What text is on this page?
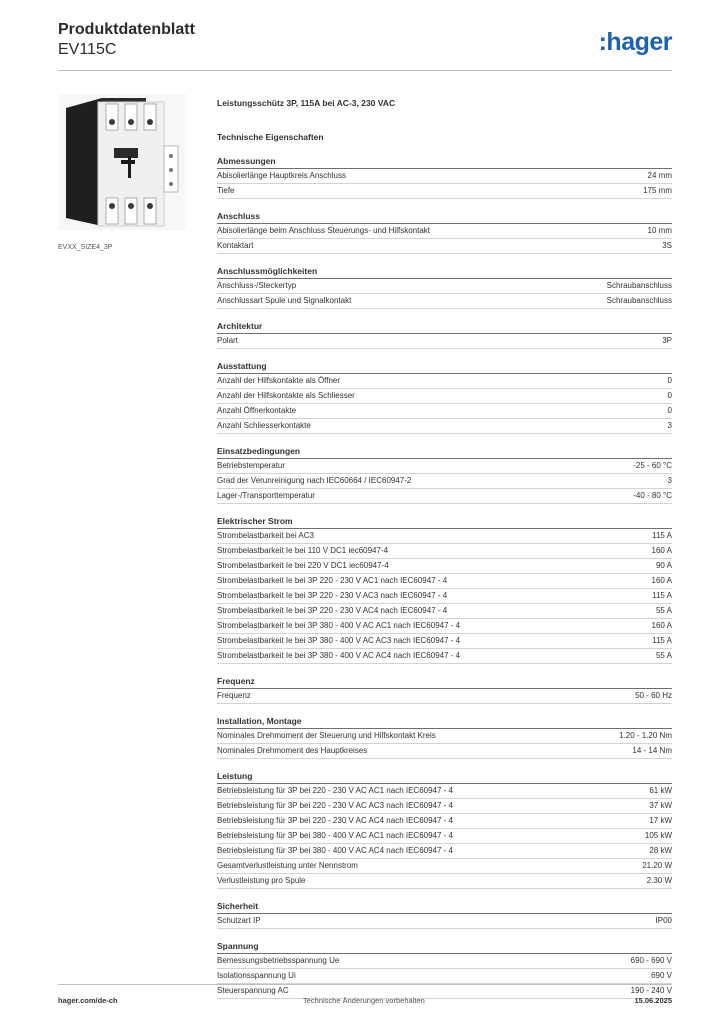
Produktdatenblatt
EV115C	:hager
EVXX_SIZE4_3P
Leistungsschütz 3P, 115A bei AC-3, 230 VAC
Technische Eigenschaften
Abmessungen
Abisolierlänge Hauptkreis Anschluss	24 mm
Tiefe	175 mm
Anschluss
Abisolierlänge beim Anschluss Steuerungs- und Hilfskontakt	10 mm
Kontaktart	3S
Anschlussmöglichkeiten
Anschluss-/Steckertyp	Schraubanschluss
Anschlussart Spule und Signalkontakt	Schraubanschluss
Architektur
Polart	3P
Ausstattung
Anzahl der Hilfskontakte als Öffner	0
Anzahl der Hilfskontakte als Schliesser	0
Anzahl Öffnerkontakte	0
Anzahl Schliesserkontakte	3
Einsatzbedingungen
Betriebstemperatur	-25 - 60 °C
Grad der Verunreinigung nach IEC60664 / IEC60947-2	3
Lager-/Transporttemperatur	-40 - 80 °C
Elektrischer Strom
Strombelastbarkeit bei AC3	115 A
Strombelastbarkeit Ie bei 110 V DC1 iec60947-4	160 A
Strombelastbarkeit Ie bei 220 V DC1 iec60947-4	90 A
Strombelastbarkeit Ie bei 3P 220 - 230 V AC1 nach IEC60947 - 4	160 A
Strombelastbarkeit Ie bei 3P 220 - 230 V AC3 nach IEC60947 - 4	115 A
Strombelastbarkeit Ie bei 3P 220 - 230 V AC4 nach IEC60947 - 4	55 A
Strombelastbarkeit Ie bei 3P 380 - 400 V AC AC1 nach IEC60947 - 4	160 A
Strombelastbarkeit Ie bei 3P 380 - 400 V AC AC3 nach IEC60947 - 4	115 A
Strombelastbarkeit Ie bei 3P 380 - 400 V AC AC4 nach IEC60947 - 4	55 A
Frequenz
Frequenz	50 - 60 Hz
Installation, Montage
Nominales Drehmoment der Steuerung und Hilfskontakt Kreis	1.20 - 1.20 Nm
Nominales Drehmoment des Hauptkreises	14 - 14 Nm
Leistung
Betriebsleistung für 3P bei 220 - 230 V AC AC1 nach IEC60947 - 4	61 kW
Betriebsleistung für 3P bei 220 - 230 V AC AC3 nach IEC60947 - 4	37 kW
Betriebsleistung für 3P bei 220 - 230 V AC AC4 nach IEC60947 - 4	17 kW
Betriebsleistung für 3P bei 380 - 400 V AC AC1 nach IEC60947 - 4	105 kW
Betriebsleistung für 3P bei 380 - 400 V AC AC4 nach IEC60947 - 4	28 kW
Gesamtverlustleistung unter Nennstrom	21.20 W
Verlustleistung pro Spule	2.30 W
Sicherheit
Schutzart IP	IP00
Spannung
Bemessungsbetriebsspannung Ue	690 - 690 V
Isolationsspannung Ui	690 V
Steuerspannung AC	190 - 240 V
hager.com/de-ch	Technische Änderungen vorbehalten	15.06.2025
